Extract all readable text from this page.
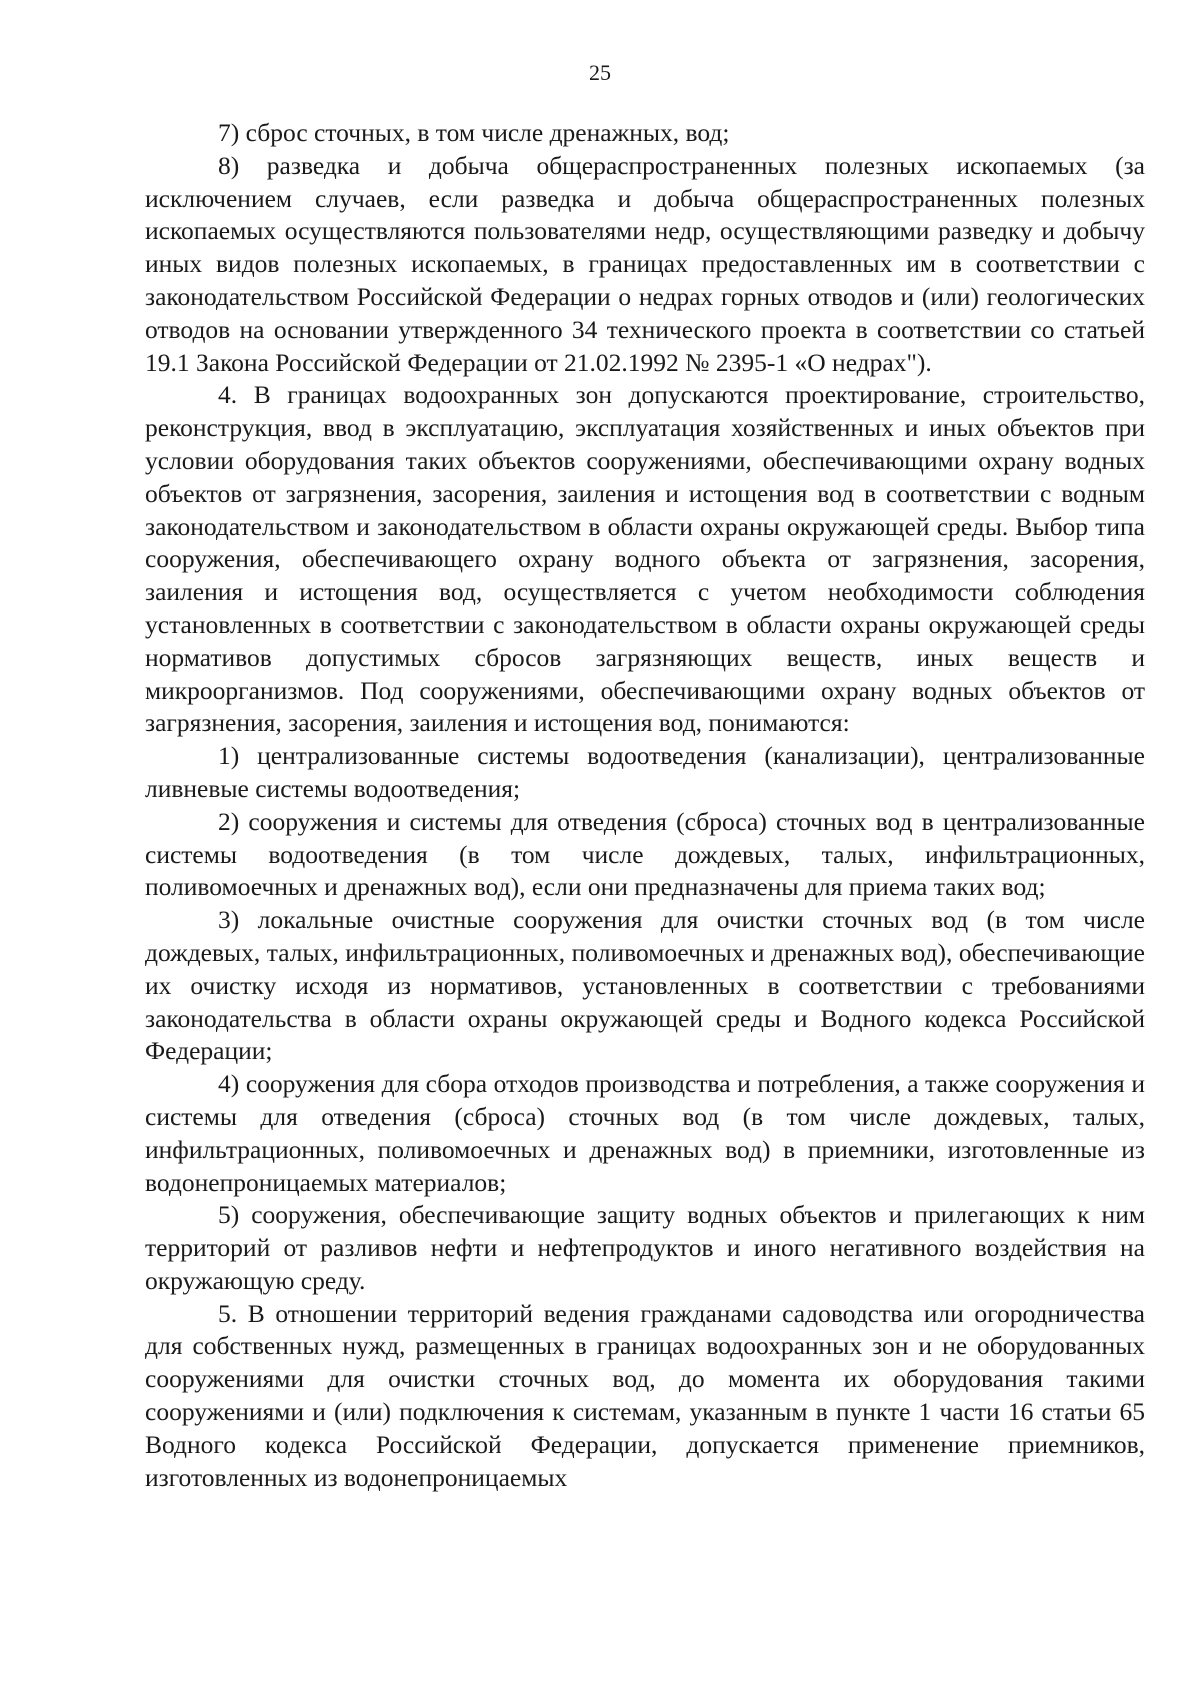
25

7) сброс сточных, в том числе дренажных, вод;

8) разведка и добыча общераспространенных полезных ископаемых (за исключением случаев, если разведка и добыча общераспространенных полезных ископаемых осуществляются пользователями недр, осуществляющими разведку и добычу иных видов полезных ископаемых, в границах предоставленных им в соответствии с законодательством Российской Федерации о недрах горных отводов и (или) геологических отводов на основании утвержденного 34 технического проекта в соответствии со статьей 19.1 Закона Российской Федерации от 21.02.1992 № 2395-1 «О недрах").

4. В границах водоохранных зон допускаются проектирование, строительство, реконструкция, ввод в эксплуатацию, эксплуатация хозяйственных и иных объектов при условии оборудования таких объектов сооружениями, обеспечивающими охрану водных объектов от загрязнения, засорения, заиления и истощения вод в соответствии с водным законодательством и законодательством в области охраны окружающей среды. Выбор типа сооружения, обеспечивающего охрану водного объекта от загрязнения, засорения, заиления и истощения вод, осуществляется с учетом необходимости соблюдения установленных в соответствии с законодательством в области охраны окружающей среды нормативов допустимых сбросов загрязняющих веществ, иных веществ и микроорганизмов. Под сооружениями, обеспечивающими охрану водных объектов от загрязнения, засорения, заиления и истощения вод, понимаются:

1) централизованные системы водоотведения (канализации), централизованные ливневые системы водоотведения;

2) сооружения и системы для отведения (сброса) сточных вод в централизованные системы водоотведения (в том числе дождевых, талых, инфильтрационных, поливомоечных и дренажных вод), если они предназначены для приема таких вод;

3) локальные очистные сооружения для очистки сточных вод (в том числе дождевых, талых, инфильтрационных, поливомоечных и дренажных вод), обеспечивающие их очистку исходя из нормативов, установленных в соответствии с требованиями законодательства в области охраны окружающей среды и Водного кодекса Российской Федерации;

4) сооружения для сбора отходов производства и потребления, а также сооружения и системы для отведения (сброса) сточных вод (в том числе дождевых, талых, инфильтрационных, поливомоечных и дренажных вод) в приемники, изготовленные из водонепроницаемых материалов;

5) сооружения, обеспечивающие защиту водных объектов и прилегающих к ним территорий от разливов нефти и нефтепродуктов и иного негативного воздействия на окружающую среду.

5. В отношении территорий ведения гражданами садоводства или огородничества для собственных нужд, размещенных в границах водоохранных зон и не оборудованных сооружениями для очистки сточных вод, до момента их оборудования такими сооружениями и (или) подключения к системам, указанным в пункте 1 части 16 статьи 65 Водного кодекса Российской Федерации, допускается применение приемников, изготовленных из водонепроницаемых
